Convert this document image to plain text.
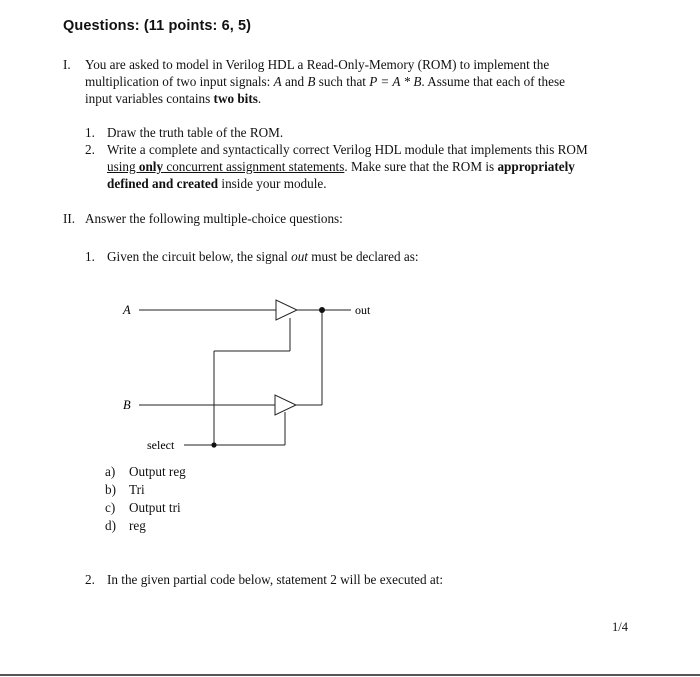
Questions: (11 points: 6, 5)
I. You are asked to model in Verilog HDL a Read-Only-Memory (ROM) to implement the
multiplication of two input signals: A and B such that P = A * B. Assume that each of these
input variables contains two bits.
1. Draw the truth table of the ROM.
2. Write a complete and syntactically correct Verilog HDL module that implements this ROM
using only concurrent assignment statements. Make sure that the ROM is appropriately
defined and created inside your module.
II. Answer the following multiple-choice questions:
1. Given the circuit below, the signal out must be declared as:
A
B
select
out
a) Output reg
b) Tri
c) Output tri
d) reg
2. In the given partial code below, statement 2 will be executed at:
1/4
